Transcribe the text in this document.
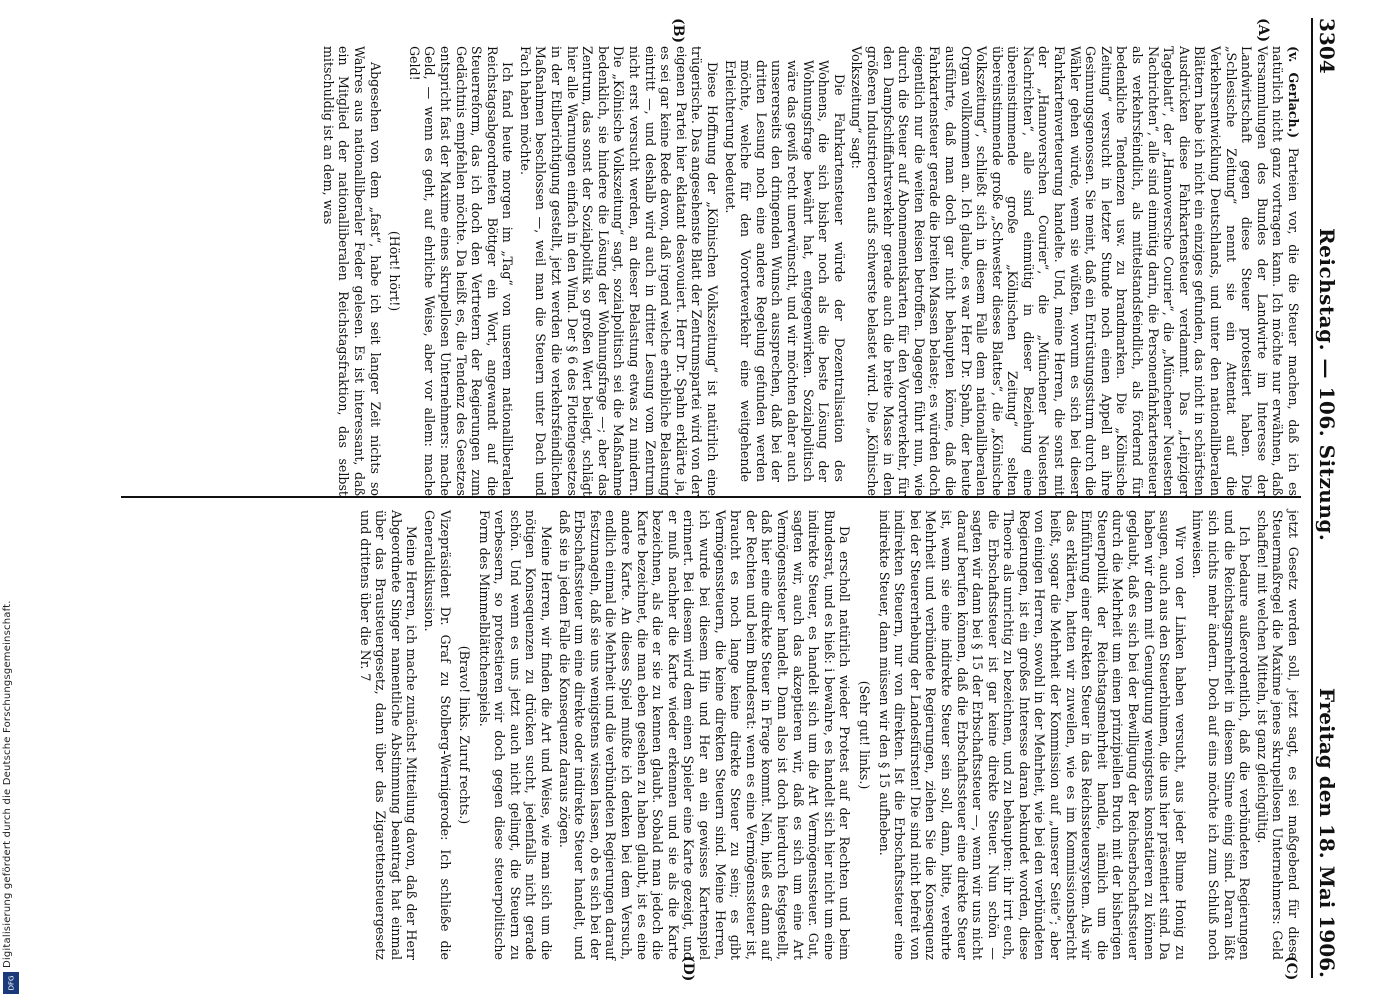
Digitalisierung gefördert durch die Deutsche Forschungsgemeinschaft.
DFG
3304
Reichstag. — 106. Sitzung.
Freitag den 18. Mai 1906.
(A)
(B)
(C)
(D)

(v. Gerlach.) Parteien vor, die die Steuer machen, daß ich es natürlich nicht ganz vortragen kann. Ich möchte nur erwähnen, daß Versammlungen des Bundes der Landwirte im Interesse der Landwirtschaft gegen diese Steuer protestiert haben. Die „Schlesische Zeitung“ nennt sie ein Attentat auf die Verkehrsentwicklung Deutschlands, und unter den nationalliberalen Blättern habe ich nicht ein einziges gefunden, das nicht in schärfsten Ausdrücken diese Fahrkartensteuer verdammt. Das „Leipziger Tageblatt“, der „Hannoversche Courier“, die „Münchener Neuesten Nachrichten“, alle sind einmütig darin, die Personenfahrkartensteuer als verkehrsfeindlich, als mittelstandsfeindlich, als fördernd für bedenkliche Tendenzen usw. zu brandmarken. Die „Kölnische Zeitung“ versucht in letzter Stunde noch einen Appell an ihre Gesinnungsgenossen. Sie meint, daß ein Entrüstungssturm durch die Wähler gehen würde, wenn sie wüßten, worum es sich bei dieser Fahrkartenverteuerung handelte. Und, meine Herren, die sonst mit der „Hannoverschen Courier“, die „Münchener Neuesten Nachrichten“, alle sind einmütig in dieser Beziehung eine übereinstimmende große „Kölnischen Zeitung“ selten übereinstimmende große „Schwester dieses Blattes“, die „Kölnische Volkszeitung“, schließt sich in diesem Falle dem nationalliberalen Organ vollkommen an. Ich glaube, es war Herr Dr. Spahn, der heute ausführte, daß man doch gar nicht behaupten könne, daß die Fahrkartensteuer gerade die breiten Massen belaste; es würden doch eigentlich nur die weiten Reisen betroffen. Dagegen führt nun, wie durch die Steuer auf Abonnementskarten für den Vorortverkehr, für den Dampfschiffahrtsverkehr gerade auch die breite Masse in den größeren Industrieorten aufs schwerste belastet wird. Die „Kölnische Volkszeitung“ sagt:

Die Fahrkartensteuer würde der Dezentralisation des Wohnens, die sich bisher noch als die beste Lösung der Wohnungsfrage bewährt hat, entgegenwirken. Sozialpolitisch wäre das gewiß recht unerwünscht, und wir möchten daher auch unsererseits den dringenden Wunsch aussprechen, daß bei der dritten Lesung noch eine andere Regelung gefunden werden möchte, welche für den Vororteverkehr eine weitgehende Erleichterung bedeutet.

Diese Hoffnung der „Kölnischen Volkszeitung“ ist natürlich eine trügerische. Das angesehenste Blatt der Zentrumspartei wird von der eigenen Partei hier eklatant desavouiert. Herr Dr. Spahn erklärte ja, es sei gar keine Rede davon, daß irgend welche erhebliche Belastung eintritt —, und deshalb wird auch in dritter Lesung vom Zentrum nicht erst versucht werden, an dieser Belastung etwas zu mindern. Die „Kölnische Volkszeitung“ sagt, sozialpolitisch sei die Maßnahme bedenklich, sie hindere die Lösung der Wohnungsfrage —; aber das Zentrum, das sonst der Sozialpolitik so großen Wert beilegt, schlägt hier alle Warnungen einfach in den Wind. Der § 6 des Flottengesetzes in der Etilberichtigung gestellt, jetzt werden die verkehrsfeindlichen Maßnahmen beschlossen —, weil man die Steuern unter Dach und Fach haben möchte.

Ich fand heute morgen im „Tag“ von unserem nationalliberalen Reichstagsabgeordneten Böttger ein Wort, angewandt auf die Steuerreform, das ich doch den Vertretern der Regierungen zum Gedächtnis empfehlen möchte. Da heißt es, die Tendenz des Gesetzes entspricht fast der Maxime eines skrupellosen Unternehmers: mache Geld, — wenn es geht, auf ehrliche Weise, aber vor allem: mache Geld!

(Hört! hört!)

Abgesehen von dem „fast“, habe ich seit langer Zeit nichts so Wahres aus nationalliberaler Feder gelesen. Es ist interessant, daß ein Mitglied der nationalliberalen Reichstagsfraktion, das selbst mitschuldig ist an dem, was

jetzt Gesetz werden soll, jetzt sagt, es sei maßgebend für diese Steuermaßregel die Maxime jenes skrupellosen Unternehmers: Geld schaffen! mit welchen Mitteln, ist ganz gleichgültig.

Ich bedaure außerordentlich, daß die verbündeten Regierungen und die Reichstagsmehrheit in diesem Sinne einig sind. Daran läßt sich nichts mehr ändern. Doch auf eins möchte ich zum Schluß noch hinweisen.

Wir von der Linken haben versucht, aus jeder Blume Honig zu saugen, auch aus den Steuerblumen, die uns hier präsentiert sind. Da haben wir denn mit Genugtuung wenigstens konstatieren zu können geglaubt, daß es sich bei der Bewilligung der Reichserbschaftssteuer durch die Mehrheit um einen prinzipiellen Bruch mit der bisherigen Steuerpolitik der Reichstagsmehrheit handle, nämlich um die Einführung einer direkten Steuer in das Reichssteuersystem. Als wir das erklärten, hatten wir zuweilen, wie es im Kommissionsbericht heißt, sogar die Mehrheit der Kommission auf „unserer Seite“; aber von einigen Herren, sowohl in der Mehrheit, wie bei den verbündeten Regierungen, ist ein großes Interesse daran bekundet worden, diese Theorie als unrichtig zu bezeichnen, und zu behaupten: ihr irrt euch, die Erbschaftssteuer ist gar keine direkte Steuer. Nun schön — sagten wir dann bei § 15 der Erbschaftssteuer —, wenn wir uns nicht darauf berufen können, daß die Erbschaftssteuer eine direkte Steuer ist, wenn sie eine indirekte Steuer sein soll, dann, bitte, verehrte Mehrheit und verbündete Regierungen, ziehen Sie die Konsequenz bei der Steuererhebung der Landesfürsten! Die sind nicht befreit von indirekten Steuern, nur von direkten. Ist die Erbschaftssteuer eine indirekte Steuer, dann müssen wir den § 15 aufheben.

(Sehr gut! links.)

Da erscholl natürlich wieder Protest auf der Rechten und beim Bundesrat, und es hieß: i bewahre, es handelt sich hier nicht um eine indirekte Steuer, es handelt sich um die Art Vermögenssteuer. Gut, sagten wir, auch das akzeptieren wir, daß es sich um eine Art Vermögenssteuer handelt. Dann also ist doch hierdurch festgestellt, daß hier eine direkte Steuer in Frage kommt. Nein, hieß es dann auf der Rechten und beim Bundesrat: wenn es eine Vermögenssteuer ist, braucht es noch lange keine direkte Steuer zu sein; es gibt Vermögenssteuern, die keine direkten Steuern sind. Meine Herren, ich wurde bei diesem Hin und Her an ein gewisses Kartenspiel erinnert. Bei diesem wird dem einen Spieler eine Karte gezeigt, und er muß nachher die Karte wieder erkennen und sie als die Karte bezeichnen, als die er sie zu kennen glaubt. Sobald man jedoch die Karte bezeichnet, die man eben gesehen zu haben glaubt, ist es eine andere Karte. An dieses Spiel mußte ich denken bei dem Versuch, endlich einmal die Mehrheit und die verbündeten Regierungen darauf festzunageln, daß sie uns wenigstens wissen lassen, ob es sich bei der Erbschaftssteuer um eine direkte oder indirekte Steuer handelt, und daß sie in jedem Falle die Konsequenz daraus zögen.

Meine Herren, wir finden die Art und Weise, wie man sich um die nötigen Konsequenzen zu drücken sucht, jedenfalls nicht gerade schön. Und wenn es uns jetzt auch nicht gelingt, die Steuern zu verbessern, so protestieren wir doch gegen diese steuerpolitische Form des Mimmelblättchenspiels.

(Bravo! links. Zuruf rechts.)

Vizepräsident Dr. Graf zu Stolberg-Wernigerode: Ich schließe die Generaldiskussion.

Meine Herren, ich mache zunächst Mitteilung davon, daß der Herr Abgeordnete Singer namentliche Abstimmung beantragt hat einmal über das Brausteuergesetz, dann über das Zigarettensteuergesetz und drittens über die Nr. 7
